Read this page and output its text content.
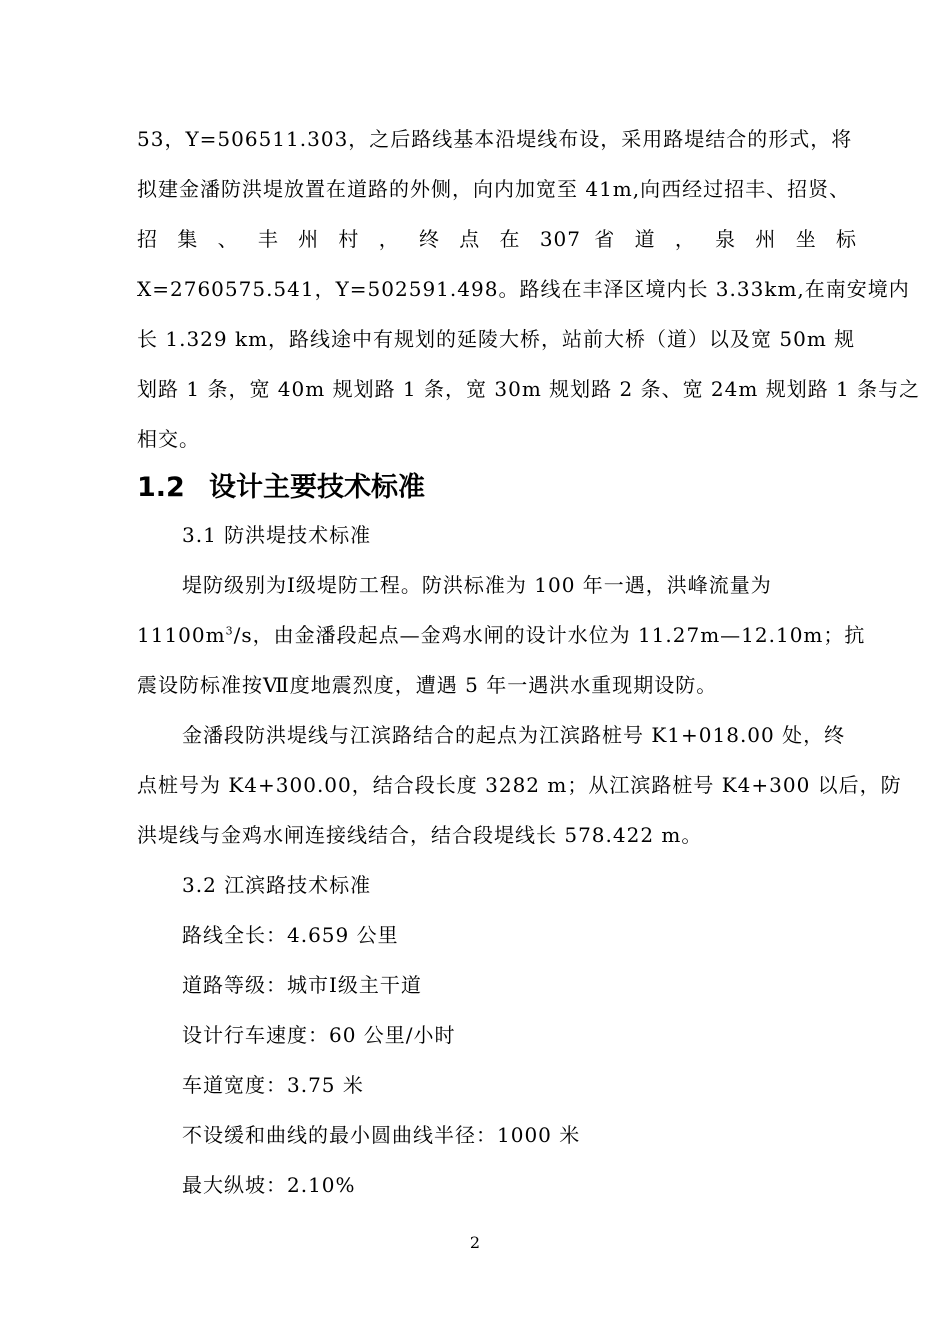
53，Y=506511.303，之后路线基本沿堤线布设，采用路堤结合的形式，将
拟建金潘防洪堤放置在道路的外侧，向内加宽至 41m,向西经过招丰、招贤、
招 集 、 丰 州 村 ， 终 点 在 307 省 道 ， 泉 州 坐 标
X=2760575.541，Y=502591.498。路线在丰泽区境内长 3.33km,在南安境内
长 1.329 km，路线途中有规划的延陵大桥，站前大桥（道）以及宽 50m 规
划路 1 条，宽 40m 规划路 1 条，宽 30m 规划路 2 条、宽 24m 规划路 1 条与之
相交。
1.2 设计主要技术标准
3.1 防洪堤技术标准
堤防级别为Ⅰ级堤防工程。防洪标准为 100 年一遇，洪峰流量为
$11100m^3/s$，由金潘段起点—金鸡水闸的设计水位为 11.27m—12.10m；抗
震设防标准按Ⅶ度地震烈度，遭遇 5 年一遇洪水重现期设防。
金潘段防洪堤线与江滨路结合的起点为江滨路桩号 K1+018.00 处，终
点桩号为 K4+300.00，结合段长度 3282 m；从江滨路桩号 K4+300 以后，防
洪堤线与金鸡水闸连接线结合，结合段堤线长 578.422 m。
3.2 江滨路技术标准
路线全长：4.659 公里
道路等级：城市Ⅰ级主干道
设计行车速度：60 公里/小时
车道宽度：3.75 米
不设缓和曲线的最小圆曲线半径：1000 米
最大纵坡：2.10%
2
